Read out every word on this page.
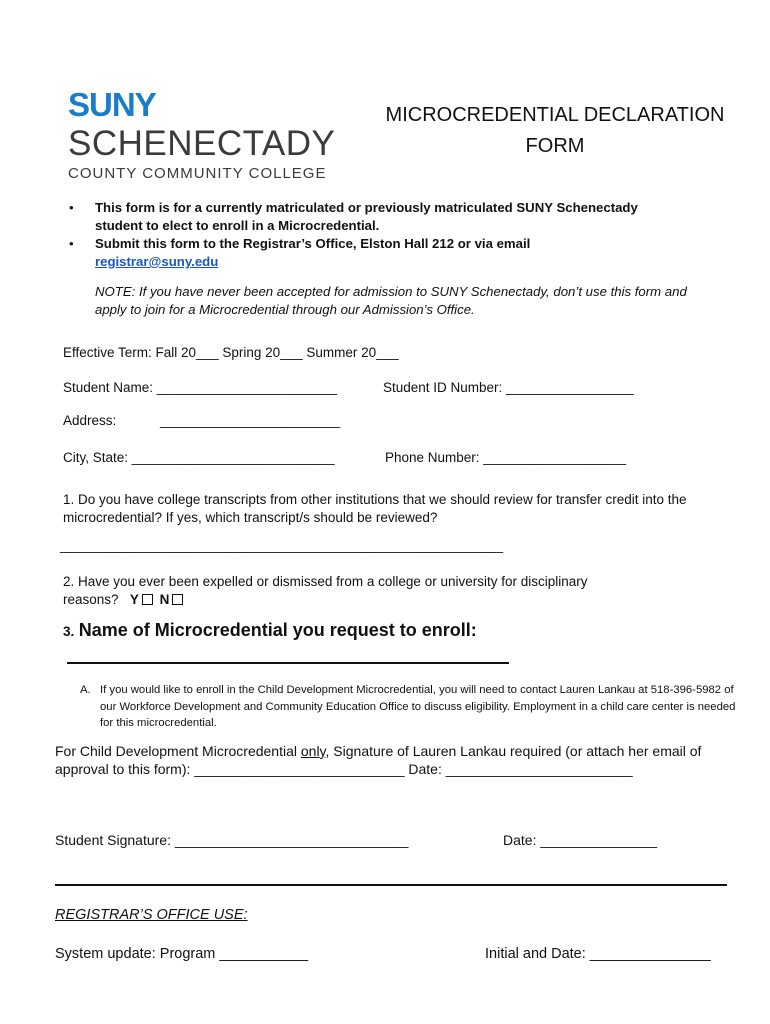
SUNY
SCHENECTADY
COUNTY COMMUNITY COLLEGE
MICROCREDENTIAL DECLARATION
FORM
• This form is for a currently matriculated or previously matriculated SUNY Schenectady student to elect to enroll in a Microcredential.
• Submit this form to the Registrar’s Office, Elston Hall 212 or via email
registrar@suny.edu
NOTE: If you have never been accepted for admission to SUNY Schenectady, don’t use this form and apply to join for a Microcredential through our Admission’s Office.
Effective Term: Fall 20___ Spring 20___ Summer 20___
Student Name: ________________________	Student ID Number: _________________
Address:	________________________
City, State: ___________________________	Phone Number: ___________________
1. Do you have college transcripts from other institutions that we should review for transfer credit into the microcredential? If yes, which transcript/s should be reviewed?
___________________________________________________________
2. Have you ever been expelled or dismissed from a college or university for disciplinary
reasons? Y N
3. Name of Microcredential you request to enroll:
A. If you would like to enroll in the Child Development Microcredential, you will need to contact Lauren Lankau at 518-396-5982 of our Workforce Development and Community Education Office to discuss eligibility. Employment in a child care center is needed for this microcredential.
For Child Development Microcredential only, Signature of Lauren Lankau required (or attach her email of approval to this form): ___________________________ Date: ________________________
Student Signature: ______________________________	Date: _______________
REGISTRAR’S OFFICE USE:
System update: Program ___________	Initial and Date: _______________
